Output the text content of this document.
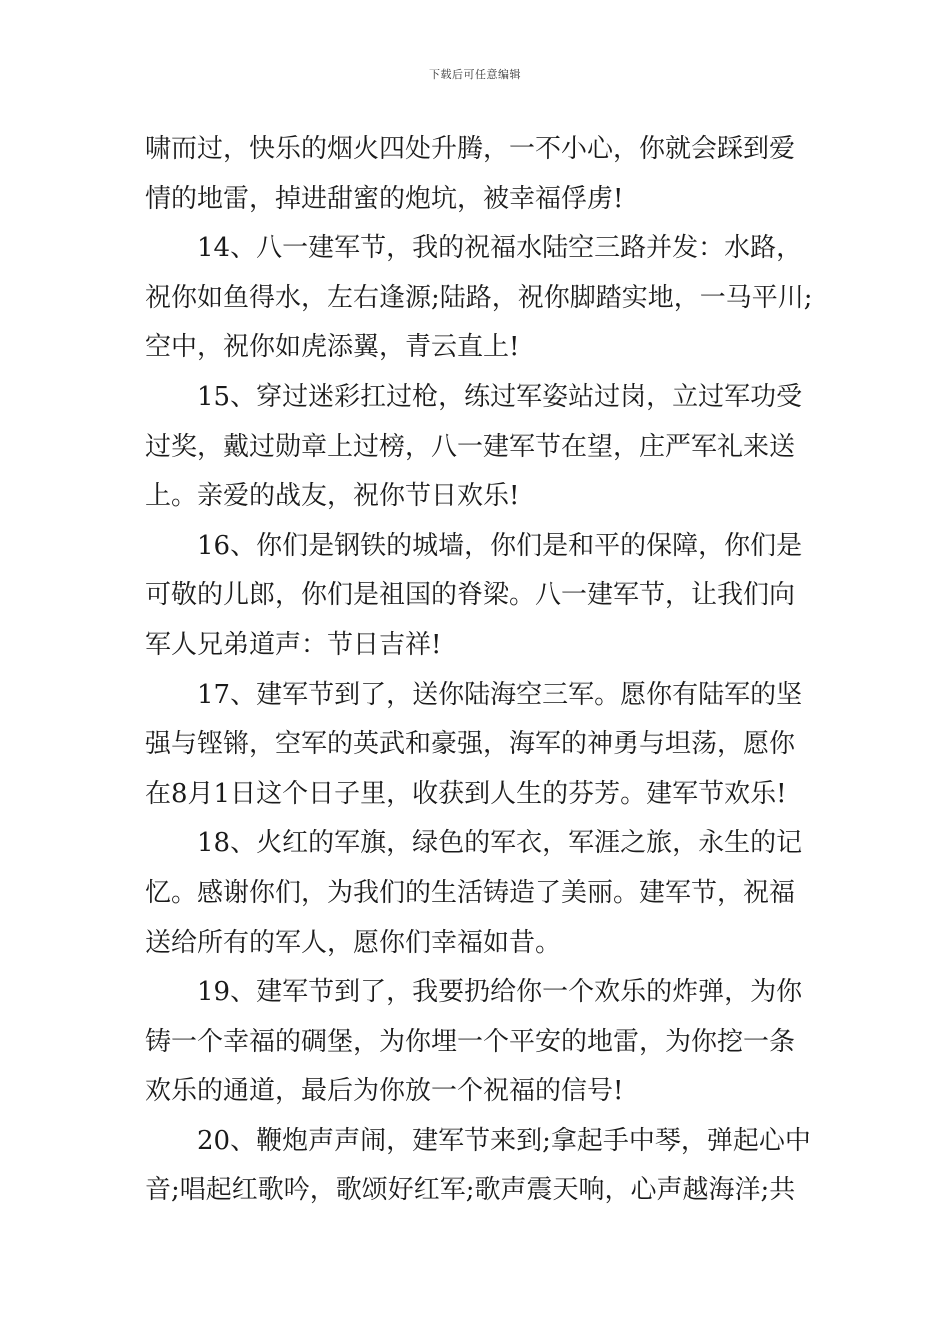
下载后可任意编辑
啸而过，快乐的烟火四处升腾，一不小心，你就会踩到爱
情的地雷，掉进甜蜜的炮坑，被幸福俘虏!
14、八一建军节，我的祝福水陆空三路并发：水路，
祝你如鱼得水，左右逢源;陆路，祝你脚踏实地，一马平川;
空中，祝你如虎添翼，青云直上!
15、穿过迷彩扛过枪，练过军姿站过岗，立过军功受
过奖，戴过勋章上过榜，八一建军节在望，庄严军礼来送
上。亲爱的战友，祝你节日欢乐!
16、你们是钢铁的城墙，你们是和平的保障，你们是
可敬的儿郎，你们是祖国的脊梁。八一建军节，让我们向
军人兄弟道声：节日吉祥!
17、建军节到了，送你陆海空三军。愿你有陆军的坚
强与铿锵，空军的英武和豪强，海军的神勇与坦荡，愿你
在8月1日这个日子里，收获到人生的芬芳。建军节欢乐!
18、火红的军旗，绿色的军衣，军涯之旅，永生的记
忆。感谢你们，为我们的生活铸造了美丽。建军节，祝福
送给所有的军人，愿你们幸福如昔。
19、建军节到了，我要扔给你一个欢乐的炸弹，为你
铸一个幸福的碉堡，为你埋一个平安的地雷，为你挖一条
欢乐的通道，最后为你放一个祝福的信号!
20、鞭炮声声闹，建军节来到;拿起手中琴，弹起心中
音;唱起红歌吟，歌颂好红军;歌声震天响，心声越海洋;共
